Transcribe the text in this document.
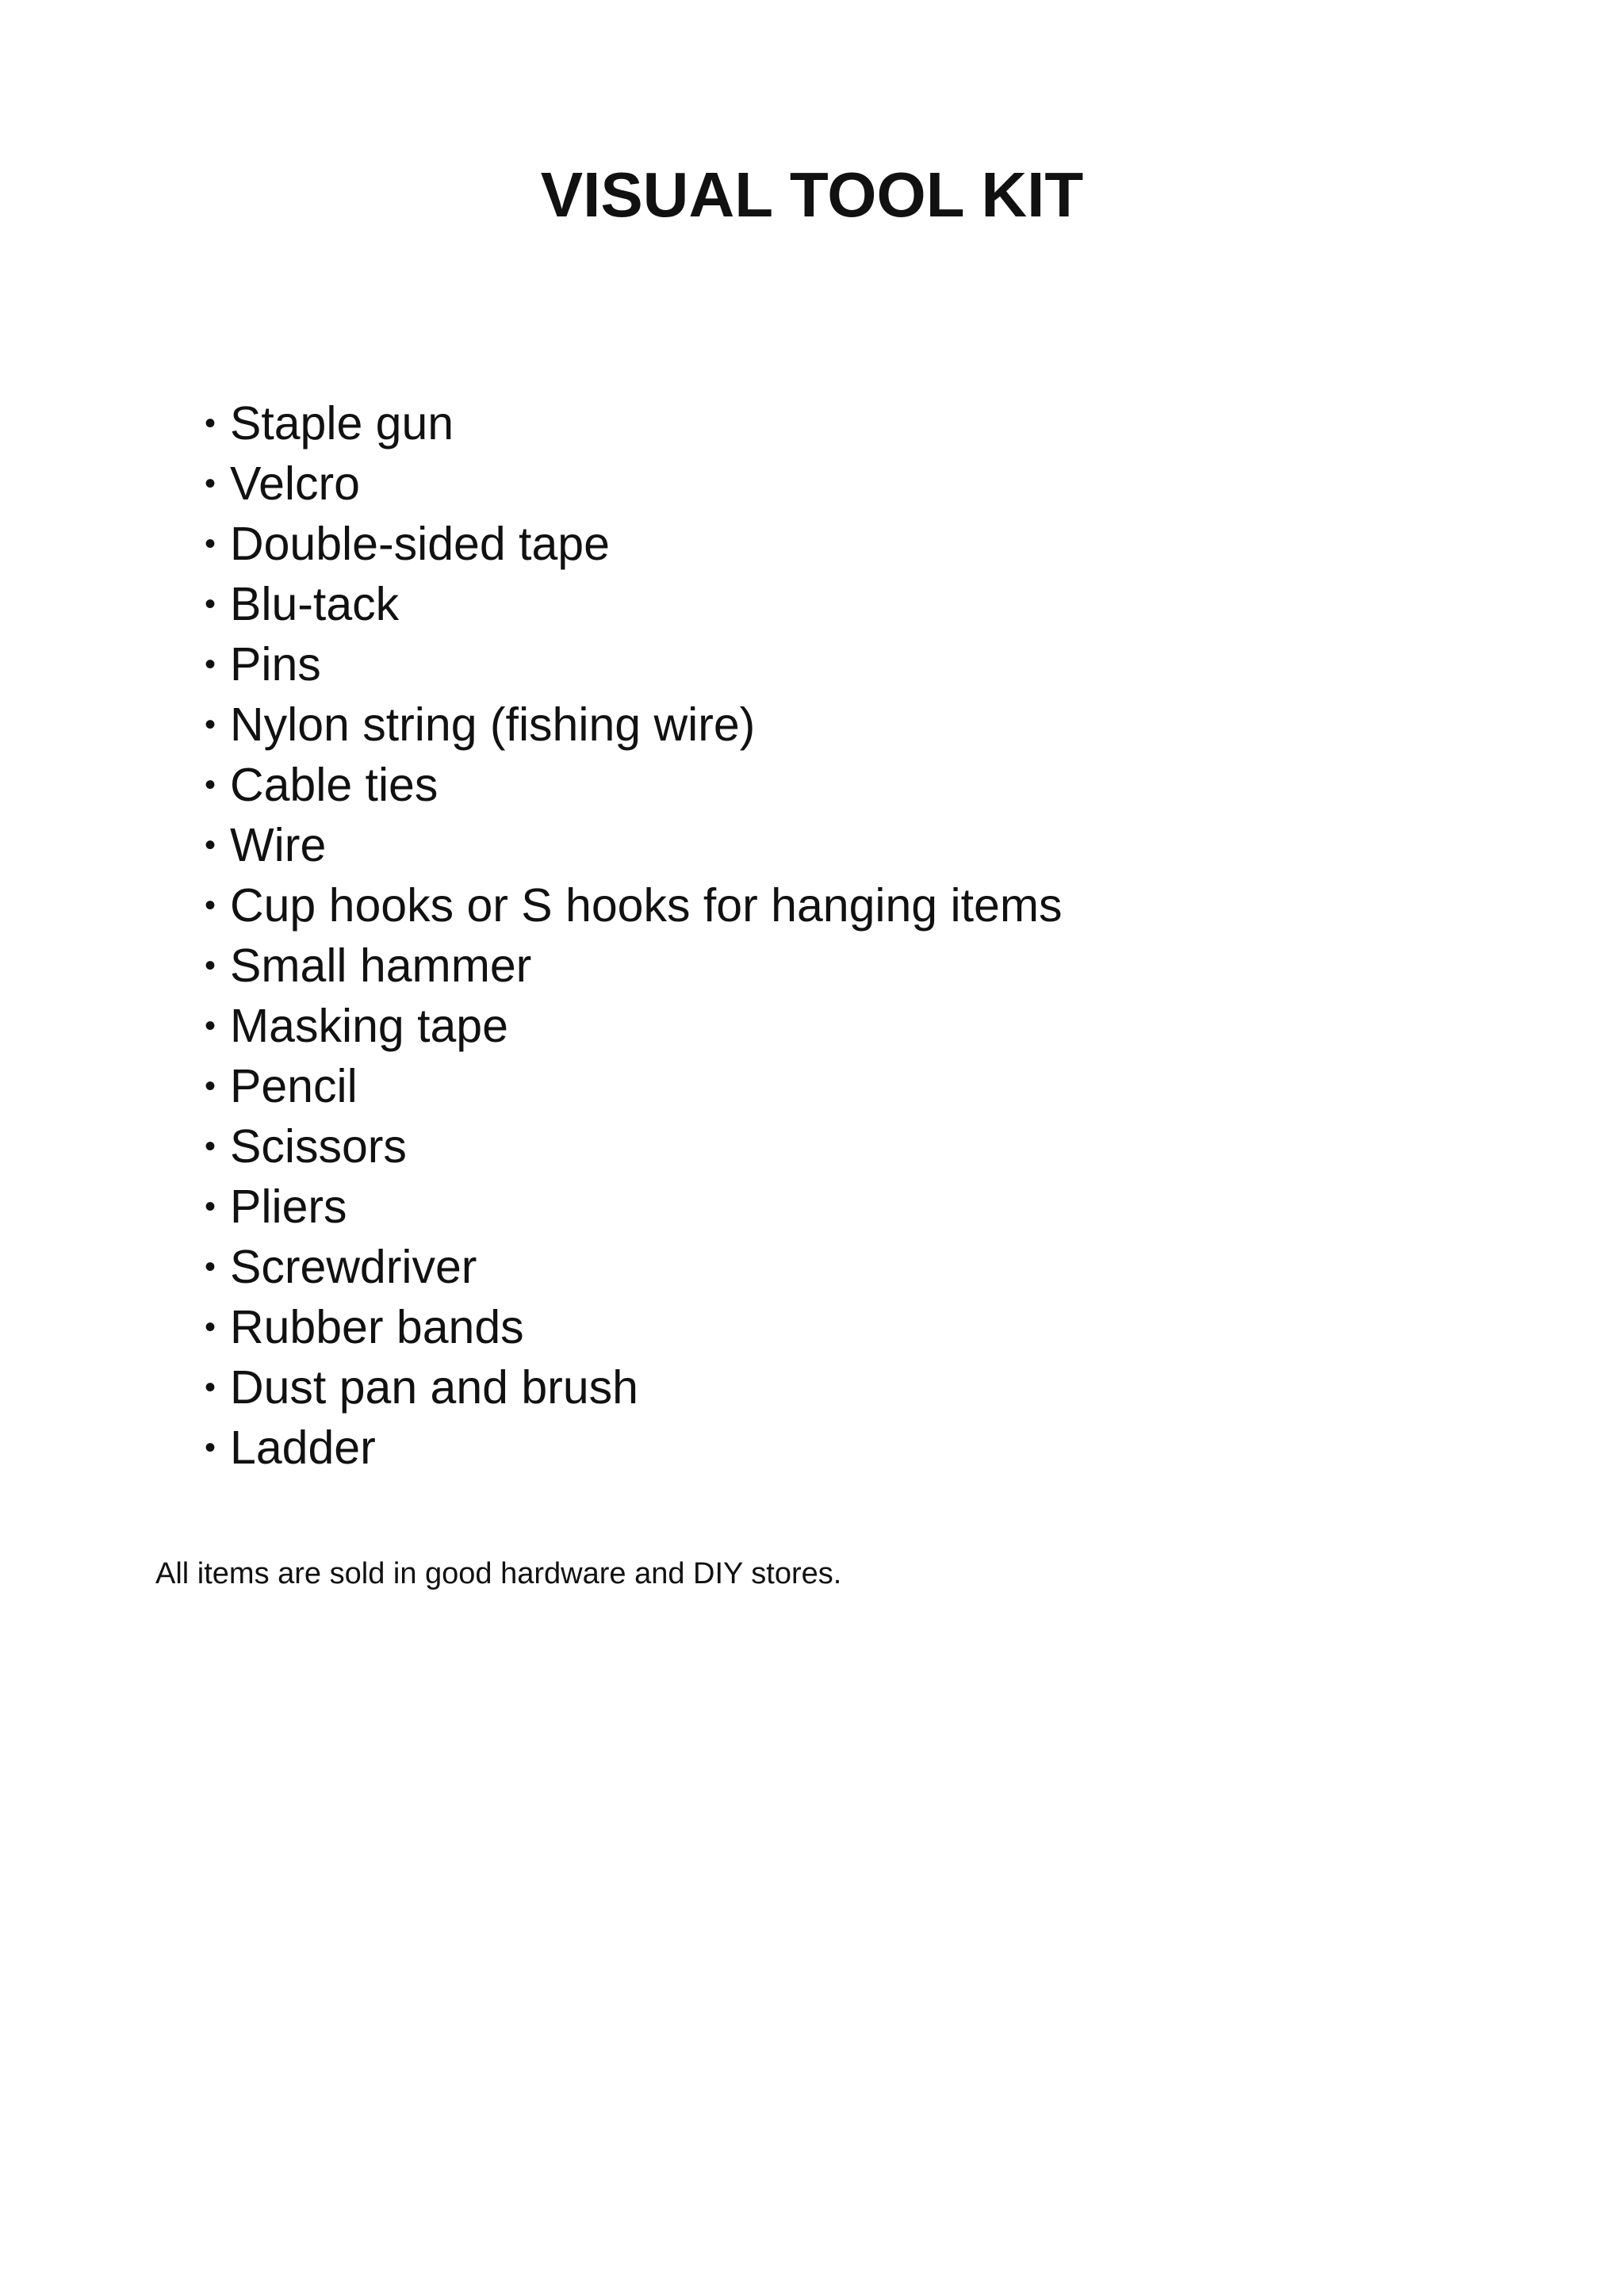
VISUAL TOOL KIT
• Staple gun
• Velcro
• Double-sided tape
• Blu-tack
• Pins
• Nylon string (fishing wire)
• Cable ties
• Wire
• Cup hooks or S hooks for hanging items
• Small hammer
• Masking tape
• Pencil
• Scissors
• Pliers
• Screwdriver
• Rubber bands
• Dust pan and brush
• Ladder

All items are sold in good hardware and DIY stores.
